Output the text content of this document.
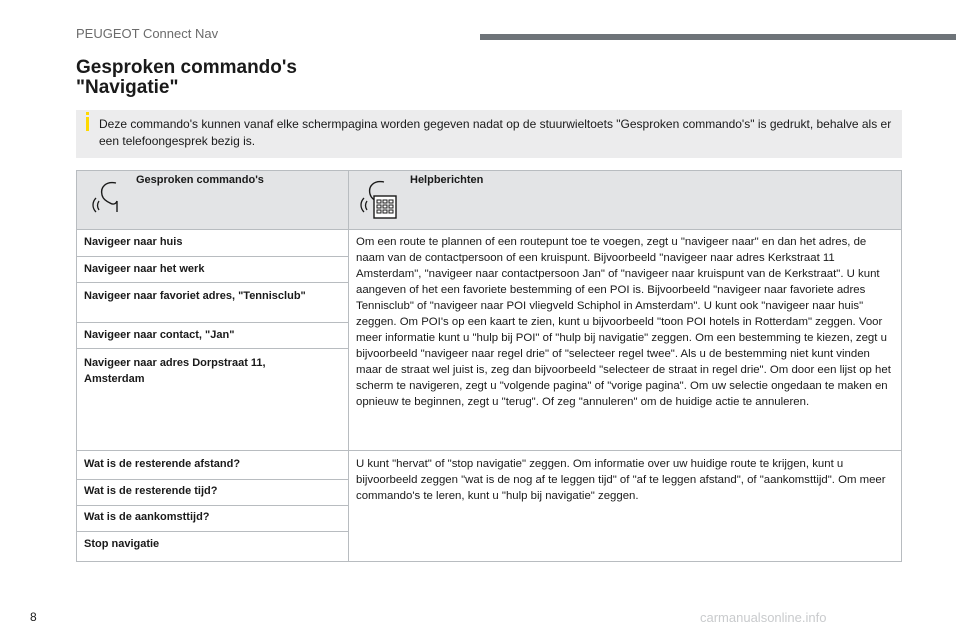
PEUGEOT Connect Nav
Gesproken commando's
"Navigatie"
Deze commando's kunnen vanaf elke schermpagina worden gegeven nadat op de stuurwieltoets "Gesproken commando's" is gedrukt, behalve als er een telefoongesprek bezig is.
Gesproken commando's	Helpberichten
Navigeer naar huis
Navigeer naar het werk
Navigeer naar favoriet adres, "Tennisclub"
Navigeer naar contact, "Jan"
Navigeer naar adres Dorpstraat 11, Amsterdam
Om een route te plannen of een routepunt toe te voegen, zegt u "navigeer naar" en dan het adres, de naam van de contactpersoon of een kruispunt. Bijvoorbeeld "navigeer naar adres Kerkstraat 11 Amsterdam", "navigeer naar contactpersoon Jan" of "navigeer naar kruispunt van de Kerkstraat". U kunt aangeven of het een favoriete bestemming of een POI is. Bijvoorbeeld "navigeer naar favoriete adres Tennisclub" of "navigeer naar POI vliegveld Schiphol in Amsterdam". U kunt ook "navigeer naar huis" zeggen. Om POI's op een kaart te zien, kunt u bijvoorbeeld "toon POI hotels in Rotterdam" zeggen. Voor meer informatie kunt u "hulp bij POI" of "hulp bij navigatie" zeggen. Om een bestemming te kiezen, zegt u bijvoorbeeld "navigeer naar regel drie" of "selecteer regel twee". Als u de bestemming niet kunt vinden maar de straat wel juist is, zeg dan bijvoorbeeld "selecteer de straat in regel drie". Om door een lijst op het scherm te navigeren, zegt u "volgende pagina" of "vorige pagina". Om uw selectie ongedaan te maken en opnieuw te beginnen, zegt u "terug". Of zeg "annuleren" om de huidige actie te annuleren.
Wat is de resterende afstand?
Wat is de resterende tijd?
Wat is de aankomsttijd?
Stop navigatie
U kunt "hervat" of "stop navigatie" zeggen. Om informatie over uw huidige route te krijgen, kunt u bijvoorbeeld zeggen "wat is de nog af te leggen tijd" of "af te leggen afstand", of "aankomsttijd". Om meer commando's te leren, kunt u "hulp bij navigatie" zeggen.
8	carmanualsonline.info
